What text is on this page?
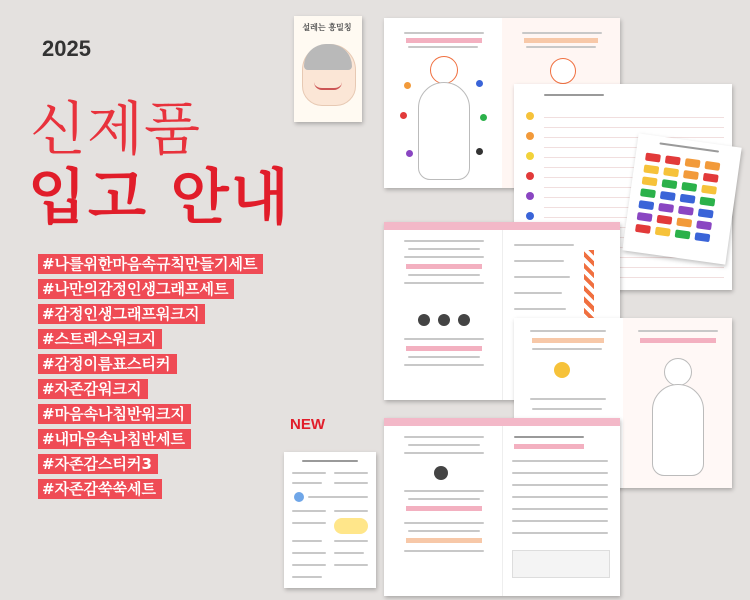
2025
신제품
입고 안내
#나를위한마음속규칙만들기세트
#나만의감정인생그래프세트
#감정인생그래프워크지
#스트레스워크지
#감정이름표스티커
#자존감워크지
#마음속나침반워크지
#내마음속나침반세트
#자존감스티커3
#자존감쑥쑥세트
NEW
설레는 흥밀칭
